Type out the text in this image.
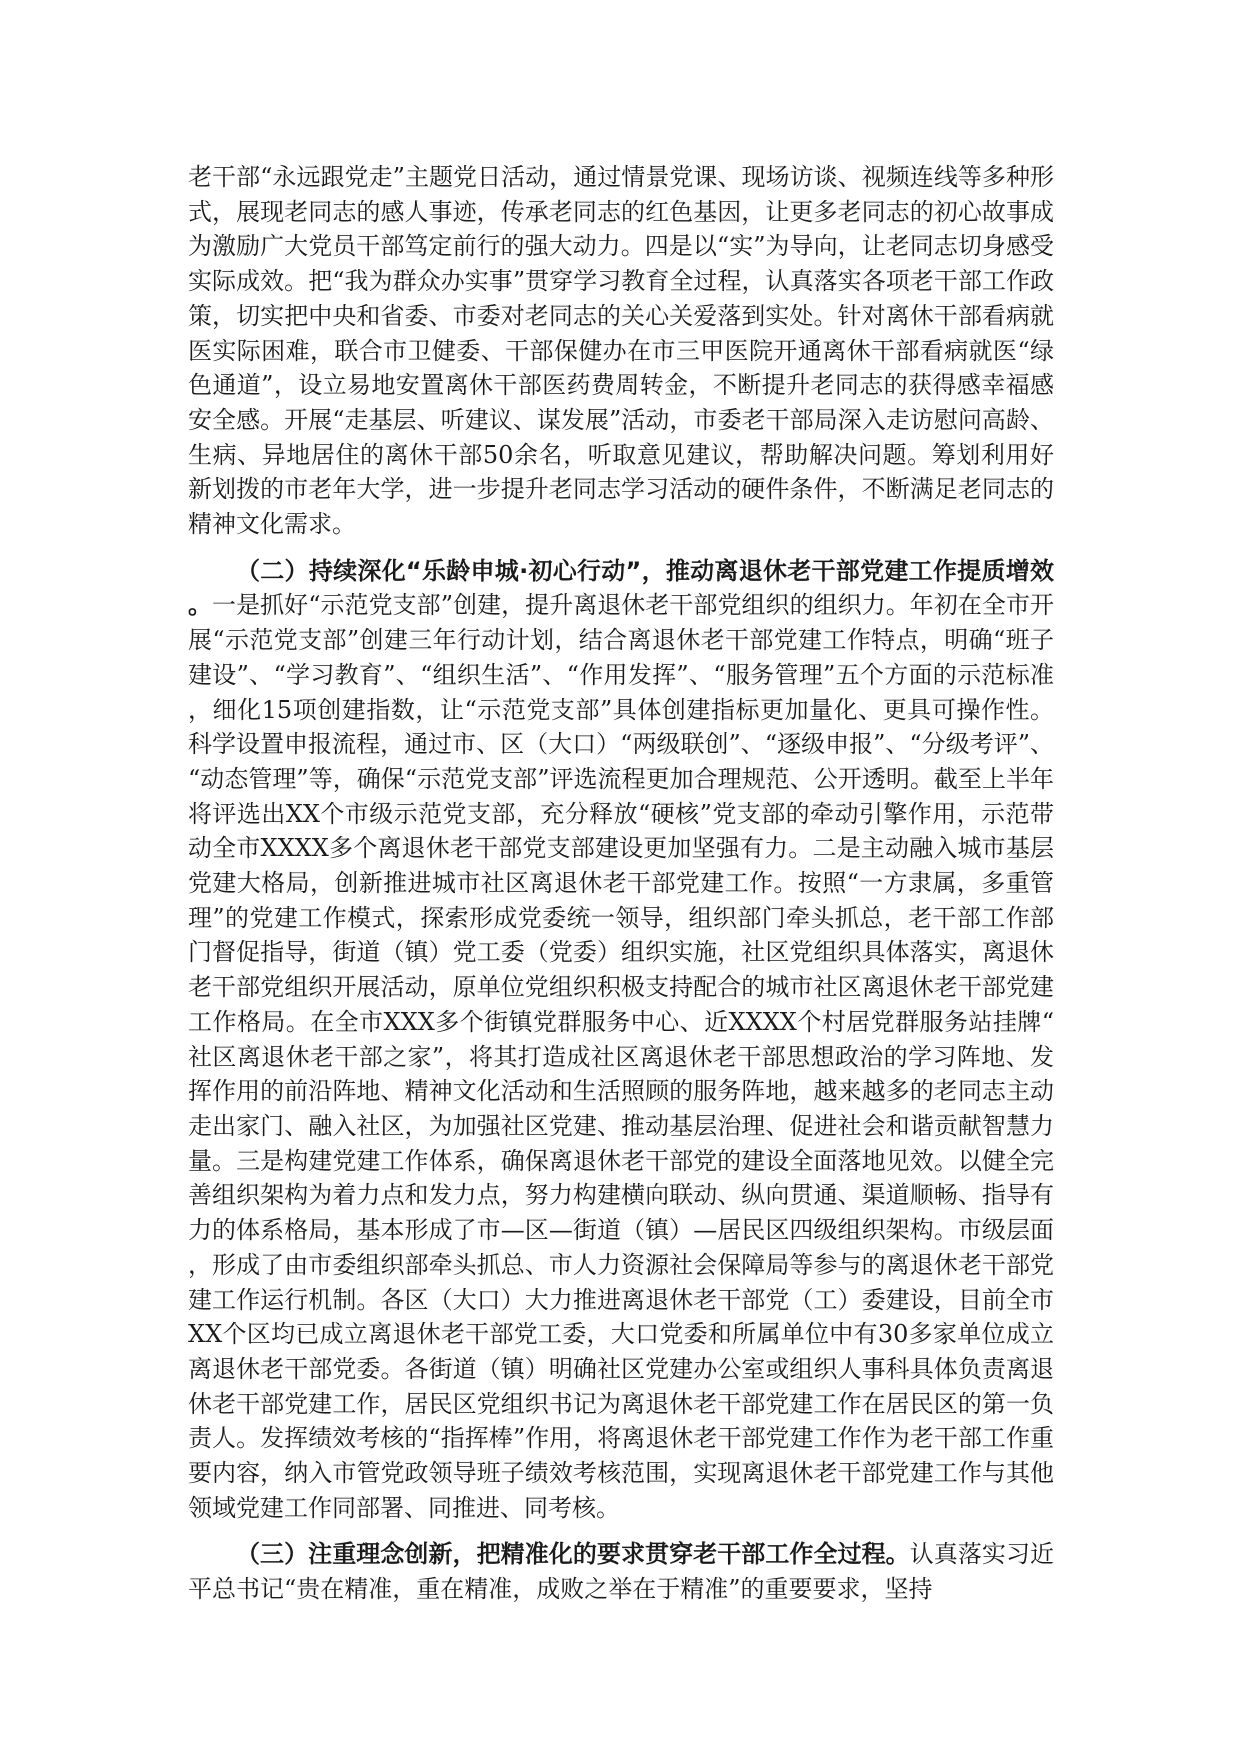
老干部“永远跟党走”主题党日活动，通过情景党课、现场访谈、视频连线等多种形式，展现老同志的感人事迹，传承老同志的红色基因，让更多老同志的初心故事成为激励广大党员干部笃定前行的强大动力。四是以“实”为导向，让老同志切身感受实际成效。把“我为群众办实事”贯穿学习教育全过程，认真落实各项老干部工作政策，切实把中央和省委、市委对老同志的关心关爱落到实处。针对离休干部看病就医实际困难，联合市卫健委、干部保健办在市三甲医院开通离休干部看病就医“绿色通道”，设立易地安置离休干部医药费周转金，不断提升老同志的获得感幸福感安全感。开展“走基层、听建议、谋发展”活动，市委老干部局深入走访慰问高龄、生病、异地居住的离休干部50余名，听取意见建议，帮助解决问题。筹划利用好新划拨的市老年大学，进一步提升老同志学习活动的硬件条件，不断满足老同志的精神文化需求。

（二）持续深化“乐龄申城·初心行动”，推动离退休老干部党建工作提质增效。一是抓好“示范党支部”创建，提升离退休老干部党组织的组织力。年初在全市开展“示范党支部”创建三年行动计划，结合离退休老干部党建工作特点，明确“班子建设”、“学习教育”、“组织生活”、“作用发挥”、“服务管理”五个方面的示范标准，细化15项创建指数，让“示范党支部”具体创建指标更加量化、更具可操作性。科学设置申报流程，通过市、区（大口）“两级联创”、“逐级申报”、“分级考评”、“动态管理”等，确保“示范党支部”评选流程更加合理规范、公开透明。截至上半年将评选出XX个市级示范党支部，充分释放“硬核”党支部的牵动引擎作用，示范带动全市XXXX多个离退休老干部党支部建设更加坚强有力。二是主动融入城市基层党建大格局，创新推进城市社区离退休老干部党建工作。按照“一方隶属，多重管理”的党建工作模式，探索形成党委统一领导，组织部门牵头抓总，老干部工作部门督促指导，街道（镇）党工委（党委）组织实施，社区党组织具体落实，离退休老干部党组织开展活动，原单位党组织积极支持配合的城市社区离退休老干部党建工作格局。在全市XXX多个街镇党群服务中心、近XXXX个村居党群服务站挂牌“社区离退休老干部之家”，将其打造成社区离退休老干部思想政治的学习阵地、发挥作用的前沿阵地、精神文化活动和生活照顾的服务阵地，越来越多的老同志主动走出家门、融入社区，为加强社区党建、推动基层治理、促进社会和谐贡献智慧力量。三是构建党建工作体系，确保离退休老干部党的建设全面落地见效。以健全完善组织架构为着力点和发力点，努力构建横向联动、纵向贯通、渠道顺畅、指导有力的体系格局，基本形成了市—区—街道（镇）—居民区四级组织架构。市级层面，形成了由市委组织部牵头抓总、市人力资源社会保障局等参与的离退休老干部党建工作运行机制。各区（大口）大力推进离退休老干部党（工）委建设，目前全市XX个区均已成立离退休老干部党工委，大口党委和所属单位中有30多家单位成立离退休老干部党委。各街道（镇）明确社区党建办公室或组织人事科具体负责离退休老干部党建工作，居民区党组织书记为离退休老干部党建工作在居民区的第一负责人。发挥绩效考核的“指挥棒”作用，将离退休老干部党建工作作为老干部工作重要内容，纳入市管党政领导班子绩效考核范围，实现离退休老干部党建工作与其他领域党建工作同部署、同推进、同考核。

（三）注重理念创新，把精准化的要求贯穿老干部工作全过程。认真落实习近平总书记“贵在精准，重在精准，成败之举在于精准”的重要要求，坚持
